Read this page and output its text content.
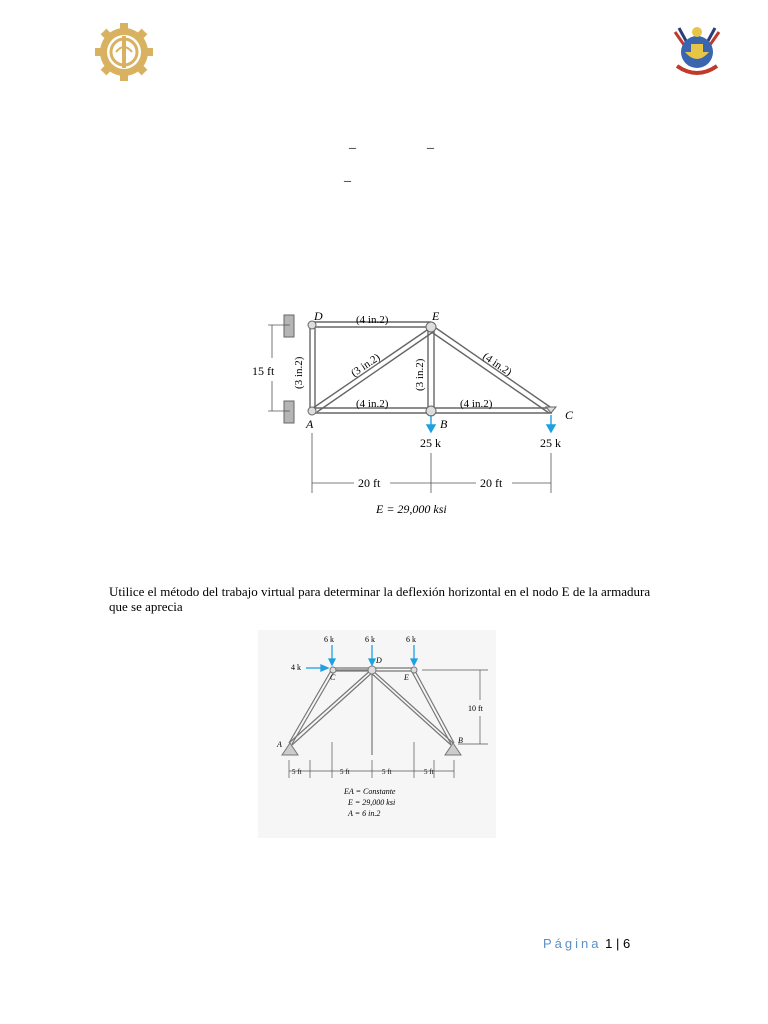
_	_
_
D	E
A	B
C
(4 in.2)
(3 in.2)	(3 in.2)	(3 in.2)	(4 in.2)
(4 in.2)	(4 in.2)
15 ft
25 k	25 k
20 ft	20 ft
E = 29,000 ksi
Utilice el método del trabajo virtual para determinar la deflexión horizontal en el nodo E de la armadura que se aprecia
6 k	6 k	6 k
4 k
C
D
E
A	B
10 ft
5 ft	5 ft	5 ft	5 ft
EA = Constante
E = 29,000 ksi
A = 6 in.2
Página 1 | 6
